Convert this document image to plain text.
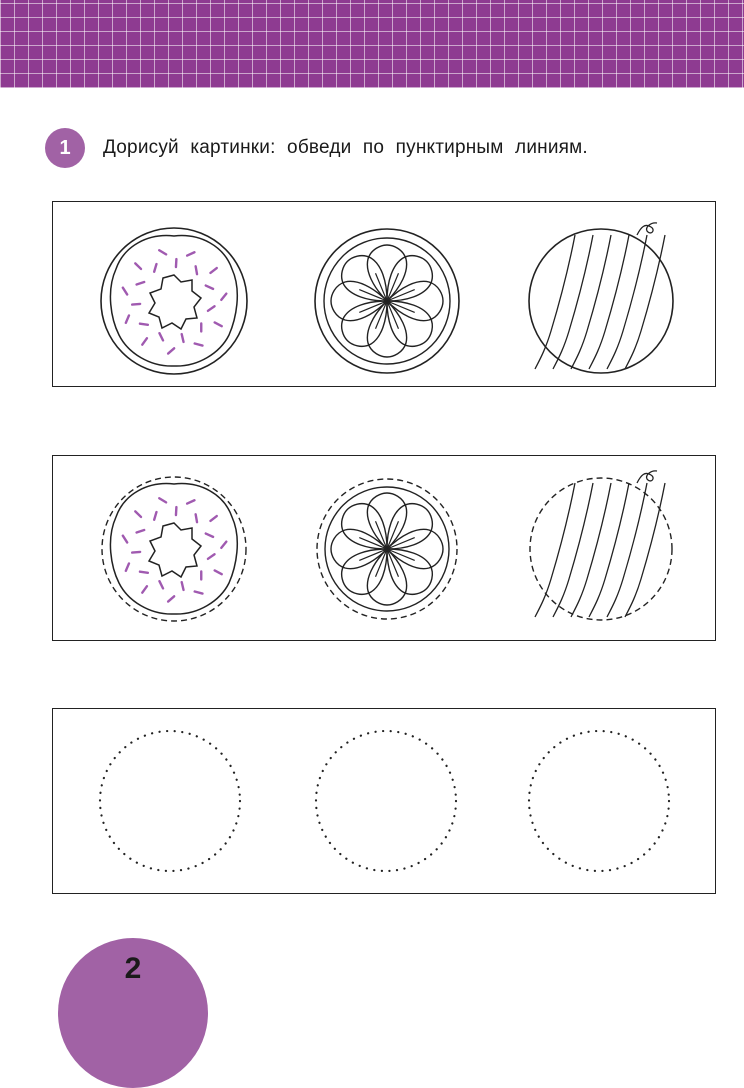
1	Дорисуй картинки: обведи по пунктирным линиям.
2
